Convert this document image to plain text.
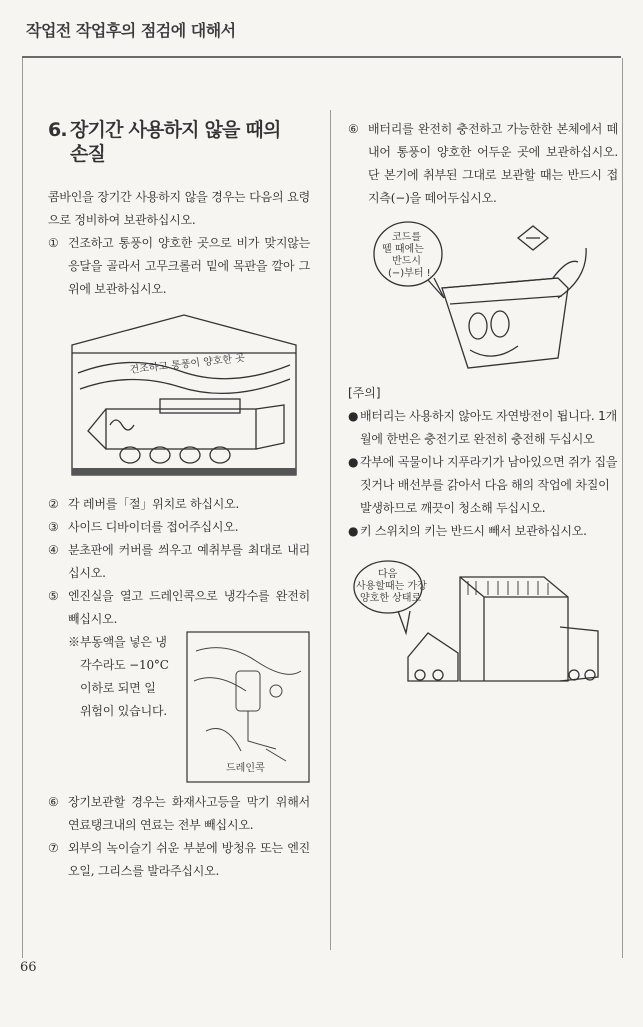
작업전 작업후의 점검에 대해서
6. 장기간 사용하지 않을 때의
손질
콤바인을 장기간 사용하지 않을 경우는 다음의 요령으로 정비하여 보관하십시오.
① 건조하고 통풍이 양호한 곳으로 비가 맞지않는 응달을 골라서 고무크롤러 밑에 목판을 깔아 그 위에 보관하십시오.
건조하고 통풍이 양호한 곳
② 각 레버를「절」위치로 하십시오.
③ 사이드 디바이더를 접어주십시오.
④ 분초판에 커버를 씌우고 예취부를 최대로 내리십시오.
⑤ 엔진실을 열고 드레인콕으로 냉각수를 완전히 빼십시오.
※부동액을 넣은 냉
각수라도 −10°C
이하로 되면 일
위험이 있습니다.
드레인콕
⑥ 장기보관할 경우는 화재사고등을 막기 위해서 연료탱크내의 연료는 전부 빼십시오.
⑦ 외부의 녹이슬기 쉬운 부분에 방청유 또는 엔진오일, 그리스를 발라주십시오.
⑥ 배터리를 완전히 충전하고 가능한한 본체에서 떼내어 통풍이 양호한 어두운 곳에 보관하십시오. 단 본기에 취부된 그대로 보관할 때는 반드시 접지측(−)을 떼어두십시오.
코드를
뗄 때에는
반드시
(−)부터 !
[주의]
● 배터리는 사용하지 않아도 자연방전이 됩니다. 1개월에 한번은 충전기로 완전히 충전해 두십시오
● 각부에 곡물이나 지푸라기가 남아있으면 쥐가 집을 짓거나 배선부를 갉아서 다음 해의 작업에 차질이 발생하므로 깨끗이 청소해 두십시오.
● 키 스위치의 키는 반드시 빼서 보관하십시오.
다음
사용할때는 가장
양호한 상태로
66
